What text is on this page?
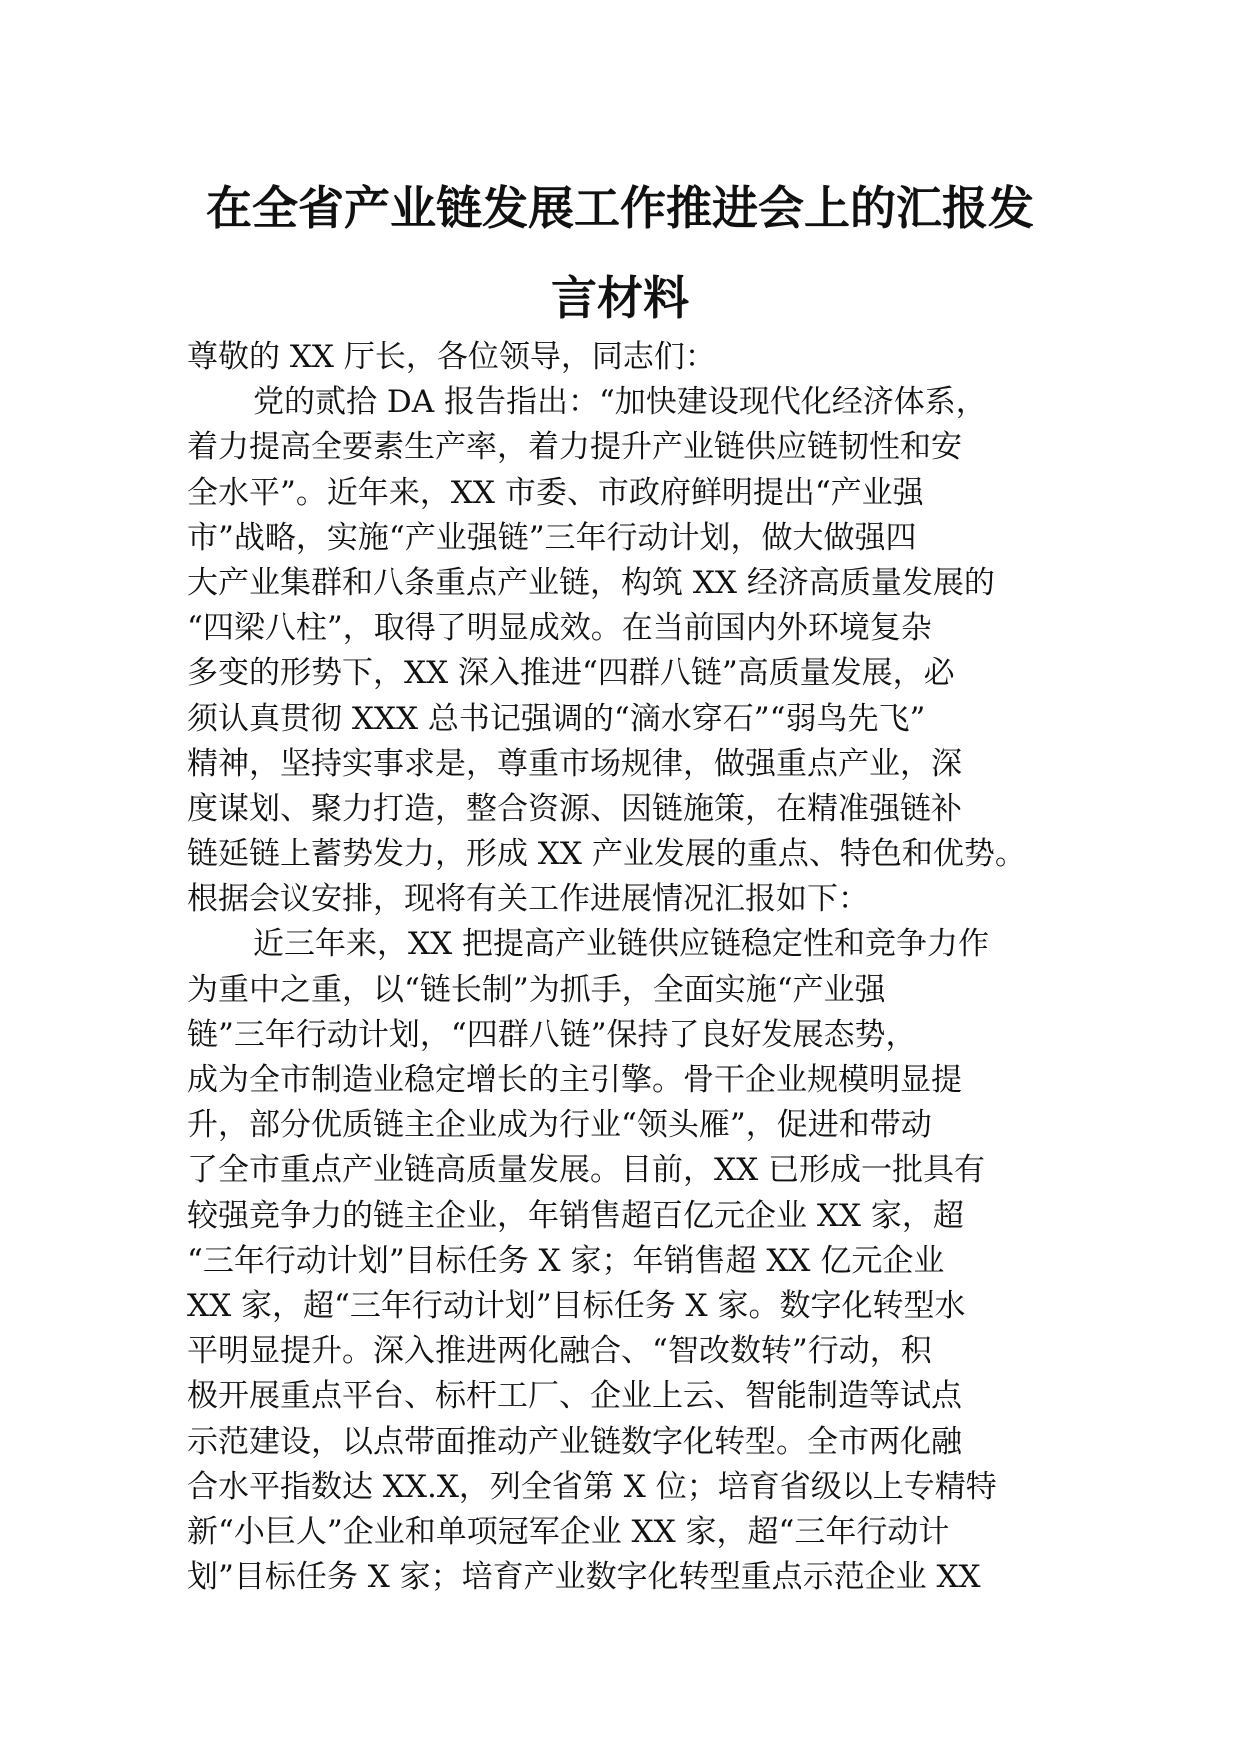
在全省产业链发展工作推进会上的汇报发
言材料
尊敬的 XX 厅长，各位领导，同志们：
党的贰拾 DA 报告指出：“加快建设现代化经济体系，
着力提高全要素生产率，着力提升产业链供应链韧性和安
全水平”。近年来，XX 市委、市政府鲜明提出“产业强
市”战略，实施“产业强链”三年行动计划，做大做强四
大产业集群和八条重点产业链，构筑 XX 经济高质量发展的
“四梁八柱”，取得了明显成效。在当前国内外环境复杂
多变的形势下，XX 深入推进“四群八链”高质量发展，必
须认真贯彻 XXX 总书记强调的“滴水穿石”“弱鸟先飞”
精神，坚持实事求是，尊重市场规律，做强重点产业，深
度谋划、聚力打造，整合资源、因链施策，在精准强链补
链延链上蓄势发力，形成 XX 产业发展的重点、特色和优势。
根据会议安排，现将有关工作进展情况汇报如下：
近三年来，XX 把提高产业链供应链稳定性和竞争力作
为重中之重，以“链长制”为抓手，全面实施“产业强
链”三年行动计划，“四群八链”保持了良好发展态势，
成为全市制造业稳定增长的主引擎。骨干企业规模明显提
升，部分优质链主企业成为行业“领头雁”，促进和带动
了全市重点产业链高质量发展。目前，XX 已形成一批具有
较强竞争力的链主企业，年销售超百亿元企业 XX 家，超
“三年行动计划”目标任务 X 家；年销售超 XX 亿元企业
XX 家，超“三年行动计划”目标任务 X 家。数字化转型水
平明显提升。深入推进两化融合、“智改数转”行动，积
极开展重点平台、标杆工厂、企业上云、智能制造等试点
示范建设，以点带面推动产业链数字化转型。全市两化融
合水平指数达 XX.X，列全省第 X 位；培育省级以上专精特
新“小巨人”企业和单项冠军企业 XX 家，超“三年行动计
划”目标任务 X 家；培育产业数字化转型重点示范企业 XX
